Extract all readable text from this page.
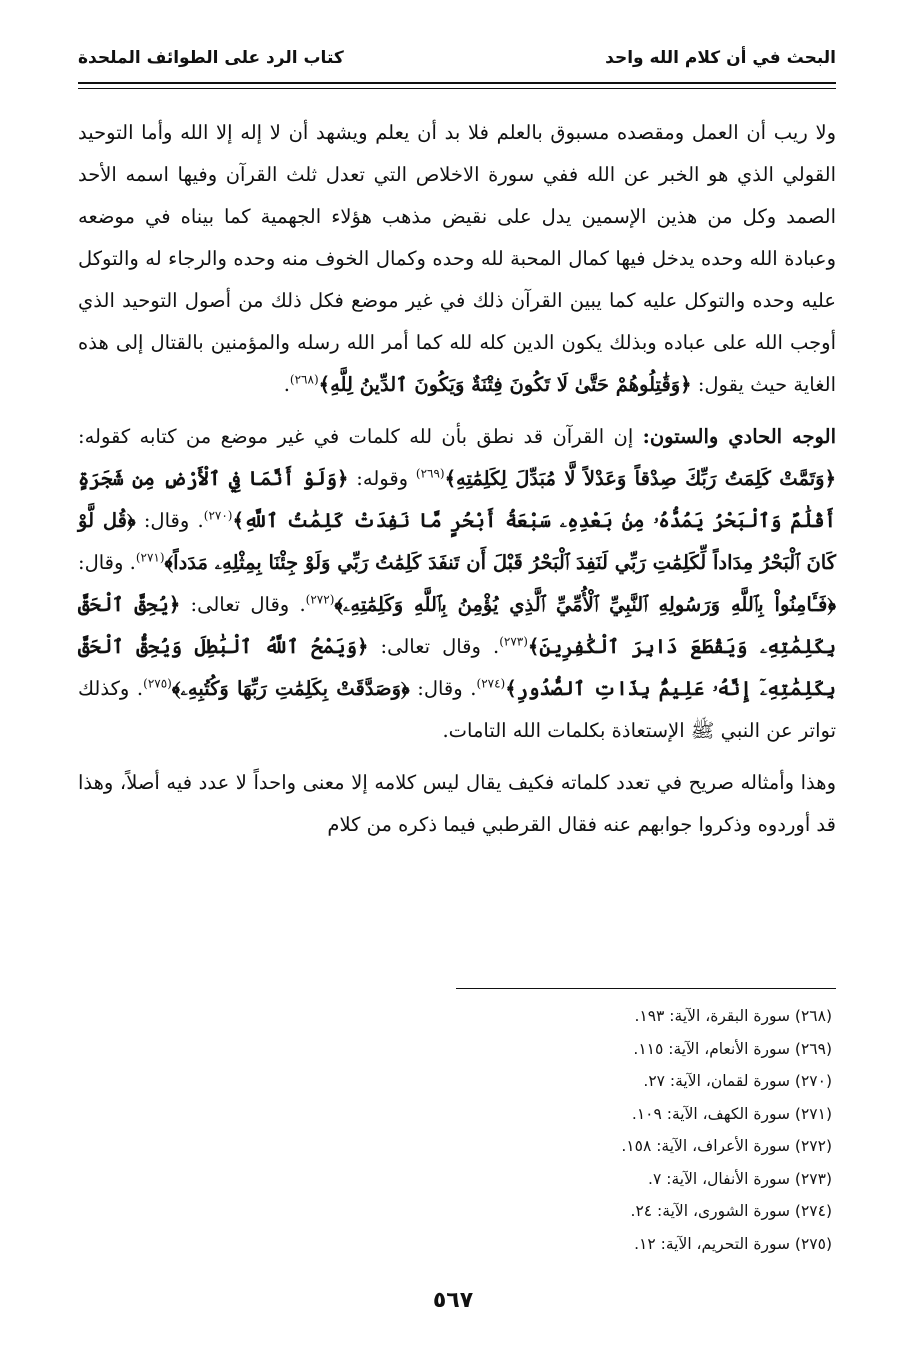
البحث في أن كلام الله واحد
كتاب الرد على الطوائف الملحدة

ولا ريب أن العمل ومقصده مسبوق بالعلم فلا بد أن يعلم ويشهد أن لا إله إلا الله وأما التوحيد القولي الذي هو الخبر عن الله ففي سورة الاخلاص التي تعدل ثلث القرآن وفيها اسمه الأحد الصمد وكل من هذين الإسمين يدل على نقيض مذهب هؤلاء الجهمية كما بيناه في موضعه وعبادة الله وحده يدخل فيها كمال المحبة لله وحده وكمال الخوف منه وحده والرجاء له والتوكل عليه وحده والتوكل عليه كما يبين القرآن ذلك في غير موضع فكل ذلك من أصول التوحيد الذي أوجب الله على عباده وبذلك يكون الدين كله لله كما أمر الله رسله والمؤمنين بالقتال إلى هذه الغاية حيث يقول: ﴿وَقَٰتِلُوهُمْ حَتَّىٰ لَا تَكُونَ فِتْنَةٌ وَيَكُونَ ٱلدِّينُ لِلَّهِ﴾$^{(٢٦٨)}$.

الوجه الحادي والستون: إن القرآن قد نطق بأن لله كلمات في غير موضع من كتابه كقوله: ﴿وَتَمَّتْ كَلِمَتُ رَبِّكَ صِدْقاً وَعَدْلاً لَّا مُبَدِّلَ لِكَلِمَٰتِهِ﴾$^{(٢٦٩)}$ وقوله: ﴿وَلَوْ أَنَّمَا فِي ٱلْأَرْضِ مِن شَجَرَةٍ أَقْلَٰمٌ وَٱلْبَحْرُ يَمُدُّهُۥ مِنۢ بَعْدِهِۦ سَبْعَةُ أَبْحُرٍ مَّا نَفِدَتْ كَلِمَٰتُ ٱللَّهِ﴾$^{(٢٧٠)}$. وقال: ﴿قُل لَّوْ كَانَ ٱلْبَحْرُ مِدَاداً لِّكَلِمَٰتِ رَبِّي لَنَفِدَ ٱلْبَحْرُ قَبْلَ أَن تَنفَدَ كَلِمَٰتُ رَبِّي وَلَوْ جِئْنَا بِمِثْلِهِۦ مَدَداً﴾$^{(٢٧١)}$. وقال: ﴿فَـَٔامِنُواْ بِٱللَّهِ وَرَسُولِهِ ٱلنَّبِيِّ ٱلْأُمِّيِّ ٱلَّذِي يُؤْمِنُ بِٱللَّهِ وَكَلِمَٰتِهِۦ﴾$^{(٢٧٢)}$. وقال تعالى: ﴿يُحِقَّ ٱلْحَقَّ بِكَلِمَٰتِهِۦ وَيَقْطَعَ دَابِرَ ٱلْكَٰفِرِينَ﴾$^{(٢٧٣)}$. وقال تعالى: ﴿وَيَمْحُ ٱللَّهُ ٱلْبَٰطِلَ وَيُحِقُّ ٱلْحَقَّ بِكَلِمَٰتِهِۦٓ إِنَّهُۥ عَلِيمٌۢ بِذَاتِ ٱلصُّدُورِ﴾$^{(٢٧٤)}$. وقال: ﴿وَصَدَّقَتْ بِكَلِمَٰتِ رَبِّهَا وَكُتُبِهِۦ﴾$^{(٢٧٥)}$. وكذلك تواتر عن النبي ﷺ الإستعاذة بكلمات الله التامات.

وهذا وأمثاله صريح في تعدد كلماته فكيف يقال ليس كلامه إلا معنى واحداً لا عدد فيه أصلاً، وهذا قد أوردوه وذكروا جوابهم عنه فقال القرطبي فيما ذكره من كلام

(٢٦٨) سورة البقرة، الآية: ١٩٣.
(٢٦٩) سورة الأنعام، الآية: ١١٥.
(٢٧٠) سورة لقمان، الآية: ٢٧.
(٢٧١) سورة الكهف، الآية: ١٠٩.
(٢٧٢) سورة الأعراف، الآية: ١٥٨.
(٢٧٣) سورة الأنفال، الآية: ٧.
(٢٧٤) سورة الشورى، الآية: ٢٤.
(٢٧٥) سورة التحريم، الآية: ١٢.
٥٦٧
